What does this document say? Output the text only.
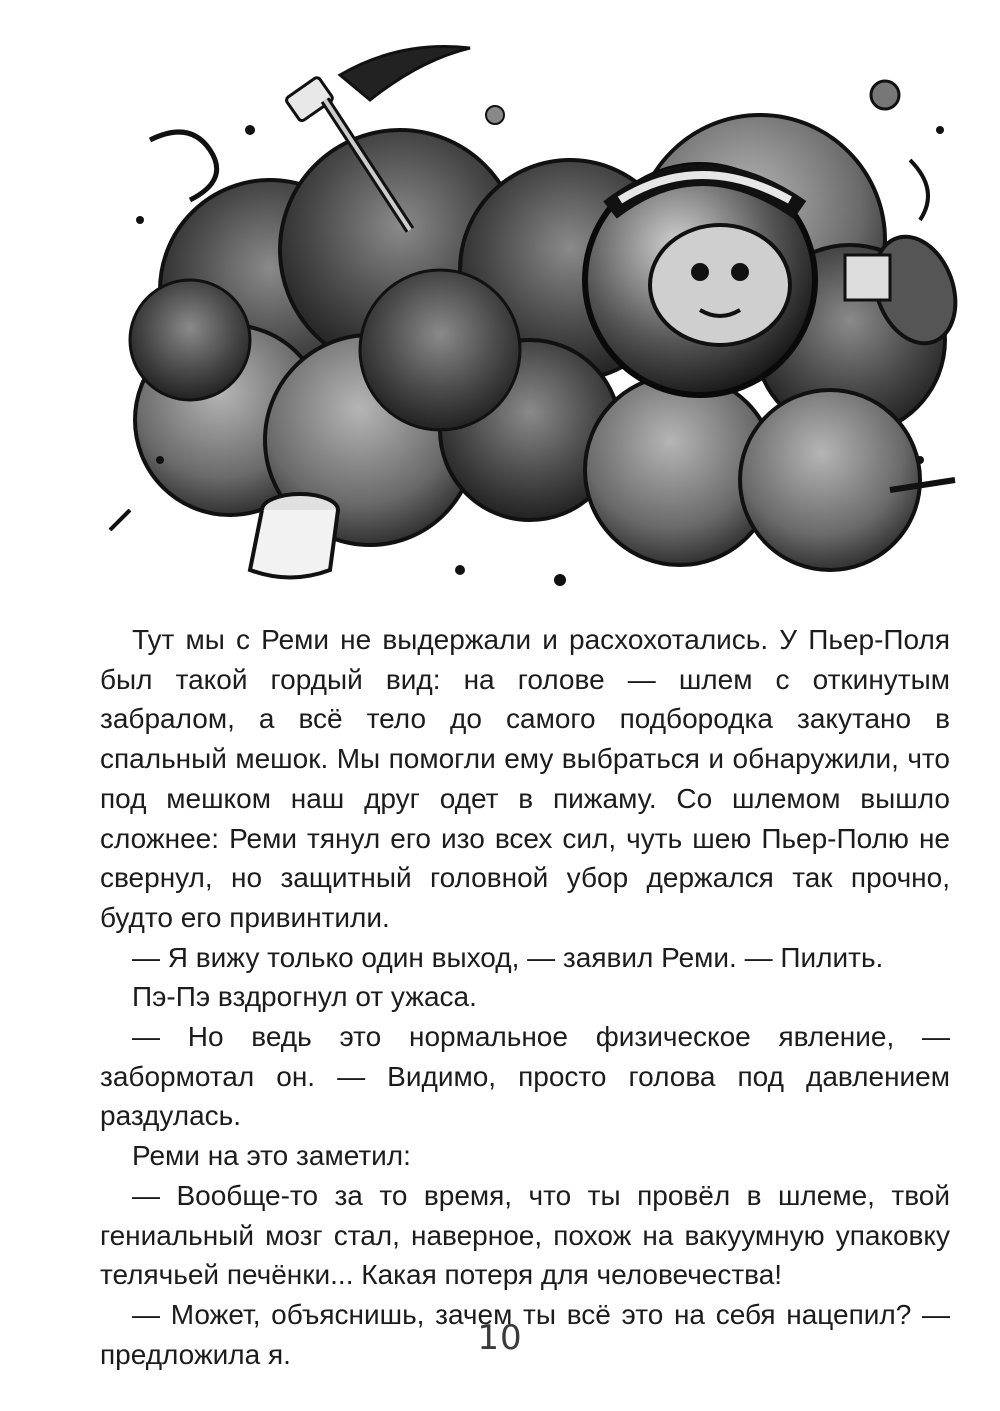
Тут мы с Реми не выдержали и расхохотались. У Пьер-Поля был такой гордый вид: на голове — шлем с откинутым забралом, а всё тело до самого подбородка закутано в спальный мешок. Мы помогли ему выбраться и обнаружили, что под мешком наш друг одет в пижаму. Со шлемом вышло сложнее: Реми тянул его изо всех сил, чуть шею Пьер-Полю не свернул, но защитный головной убор держался так прочно, будто его привинтили.

— Я вижу только один выход, — заявил Реми. — Пилить.

Пэ-Пэ вздрогнул от ужаса.

— Но ведь это нормальное физическое явление, — забормотал он. — Видимо, просто голова под давлением раздулась.

Реми на это заметил:

— Вообще-то за то время, что ты провёл в шлеме, твой гениальный мозг стал, наверное, похож на вакуумную упаковку телячьей печёнки... Какая потеря для человечества!

— Может, объяснишь, зачем ты всё это на себя нацепил? — предложила я.	10
